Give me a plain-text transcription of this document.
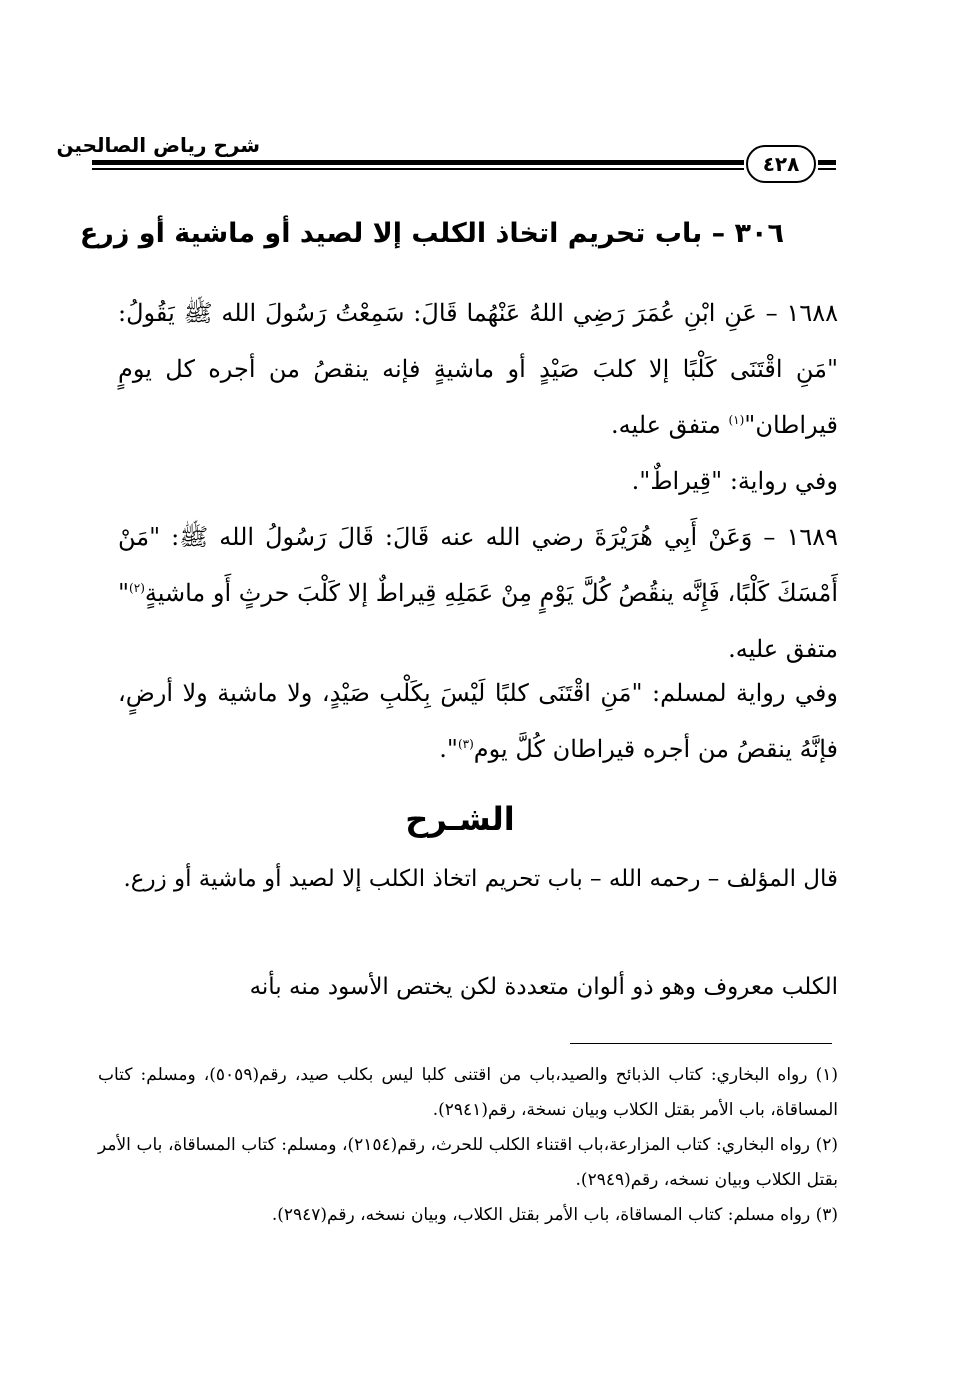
شرح رياض الصالحين
٤٢٨
٣٠٦ – باب تحريم اتخاذ الكلب إلا لصيد أو ماشية أو زرع
١٦٨٨ – عَنِ ابْنِ عُمَرَ رَضِي اللهُ عَنْهُما قَالَ: سَمِعْتُ رَسُولَ الله ﷺ يَقُولُ: "مَنِ اقْتَنَى كَلْبًا إلا كلبَ صَيْدٍ أو ماشيةٍ فإنه ينقصُ من أجره كل يومٍ قيراطان"$^{(١)}$ متفق عليه.
وفي رواية: "قِيراطٌ".
١٦٨٩ – وَعَنْ أَبِي هُرَيْرَةَ رضي الله عنه قَالَ: قَالَ رَسُولُ الله ﷺ: "مَنْ أَمْسَكَ كَلْبًا، فَإِنَّه ينقُصُ كُلَّ يَوْمٍ مِنْ عَمَلِهِ قِيراطٌ إلا كَلْبَ حرثٍ أَو ماشيةٍ$^{(٢)}$" متفق عليه.
وفي رواية لمسلم: "مَنِ اقْتَنَى كلبًا لَيْسَ بِكَلْبِ صَيْدٍ، ولا ماشية ولا أرضٍ، فإنَّهُ ينقصُ من أجره قيراطان كُلَّ يوم$^{(٣)}$".
الشـرح
قال المؤلف – رحمه الله – باب تحريم اتخاذ الكلب إلا لصيد أو ماشية أو زرع.
الكلب معروف وهو ذو ألوان متعددة لكن يختص الأسود منه بأنه

(١) رواه البخاري: كتاب الذبائح والصيد،باب من اقتنى كلبا ليس بكلب صيد، رقم(٥٠٥٩)، ومسلم: كتاب المساقاة، باب الأمر بقتل الكلاب وبيان نسخة، رقم(٢٩٤١).

(٢) رواه البخاري: كتاب المزارعة،باب اقتناء الكلب للحرث، رقم(٢١٥٤)، ومسلم: كتاب المساقاة، باب الأمر بقتل الكلاب وبيان نسخه، رقم(٢٩٤٩).

(٣) رواه مسلم: كتاب المساقاة، باب الأمر بقتل الكلاب، وبيان نسخه، رقم(٢٩٤٧).
